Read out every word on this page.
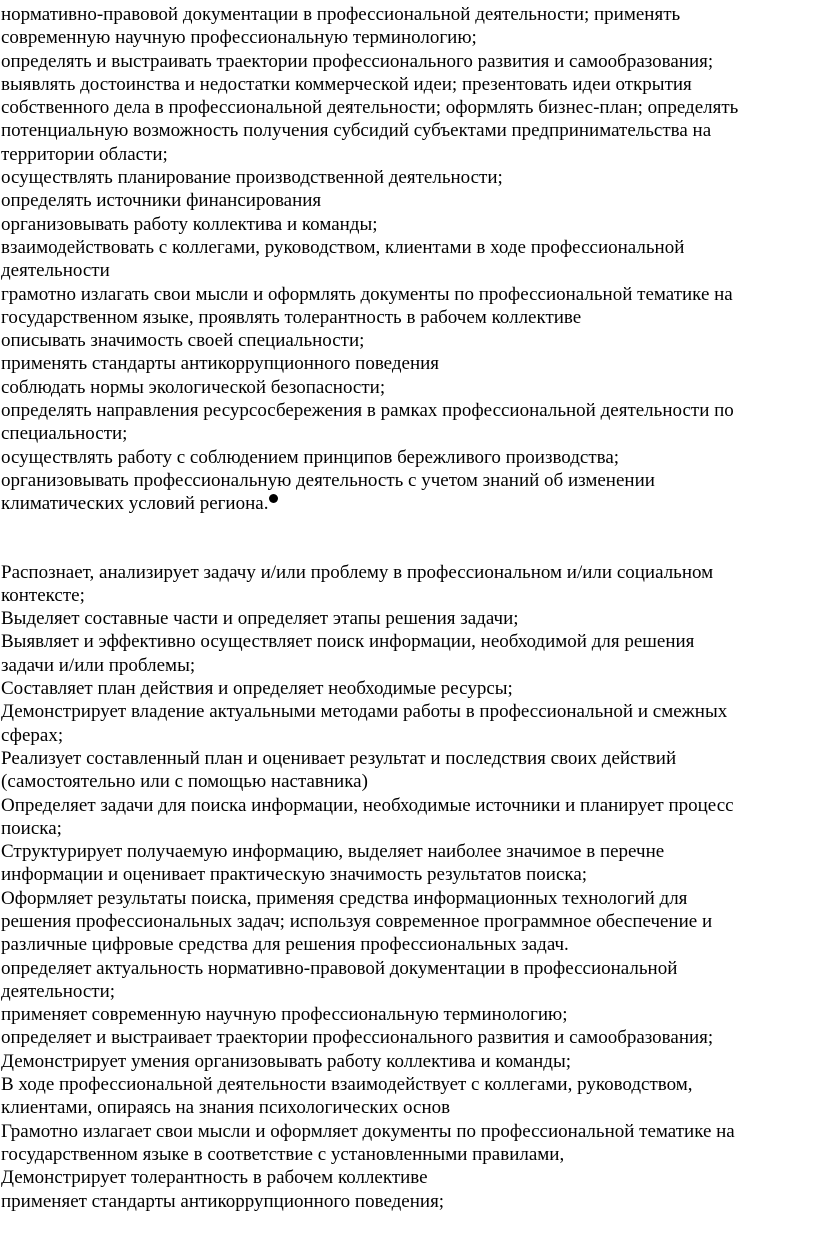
нормативно-правовой документации в профессиональной деятельности; применять
современную научную профессиональную терминологию;
определять и выстраивать траектории профессионального развития и самообразования;
выявлять достоинства и недостатки коммерческой идеи; презентовать идеи открытия
собственного дела в профессиональной деятельности; оформлять бизнес-план; определять
потенциальную возможность получения субсидий субъектами предпринимательства на
территории области;
осуществлять планирование производственной деятельности;
определять источники финансирования
организовывать работу коллектива и команды;
взаимодействовать с коллегами, руководством, клиентами в ходе профессиональной
деятельности
грамотно излагать свои мысли и оформлять документы по профессиональной тематике на
государственном языке, проявлять толерантность в рабочем коллективе
описывать значимость своей специальности;
применять стандарты антикоррупционного поведения
соблюдать нормы экологической безопасности;
определять направления ресурсосбережения в рамках профессиональной деятельности по
специальности;
осуществлять работу с соблюдением принципов бережливого производства;
организовывать профессиональную деятельность с учетом знаний об изменении
климатических условий региона.
Распознает, анализирует задачу и/или проблему в профессиональном и/или социальном
контексте;
Выделяет составные части и определяет этапы решения задачи;
Выявляет и эффективно осуществляет поиск информации, необходимой для решения
задачи и/или проблемы;
Составляет план действия и определяет необходимые ресурсы;
Демонстрирует владение актуальными методами работы в профессиональной и смежных
сферах;
Реализует составленный план и оценивает результат и последствия своих действий
(самостоятельно или с помощью наставника)
Определяет задачи для поиска информации, необходимые источники и планирует процесс
поиска;
Структурирует получаемую информацию, выделяет наиболее значимое в перечне
информации и оценивает практическую значимость результатов поиска;
Оформляет результаты поиска, применяя средства информационных технологий для
решения профессиональных задач; используя современное программное обеспечение и
различные цифровые средства для решения профессиональных задач.
определяет актуальность нормативно-правовой документации в профессиональной
деятельности;
применяет современную научную профессиональную терминологию;
определяет и выстраивает траектории профессионального развития и самообразования;
Демонстрирует умения организовывать работу коллектива и команды;
В ходе профессиональной деятельности взаимодействует с коллегами, руководством,
клиентами, опираясь на знания психологических основ
Грамотно излагает свои мысли и оформляет документы по профессиональной тематике на
государственном языке в соответствие с установленными правилами,
Демонстрирует толерантность в рабочем коллективе
применяет стандарты антикоррупционного поведения;
